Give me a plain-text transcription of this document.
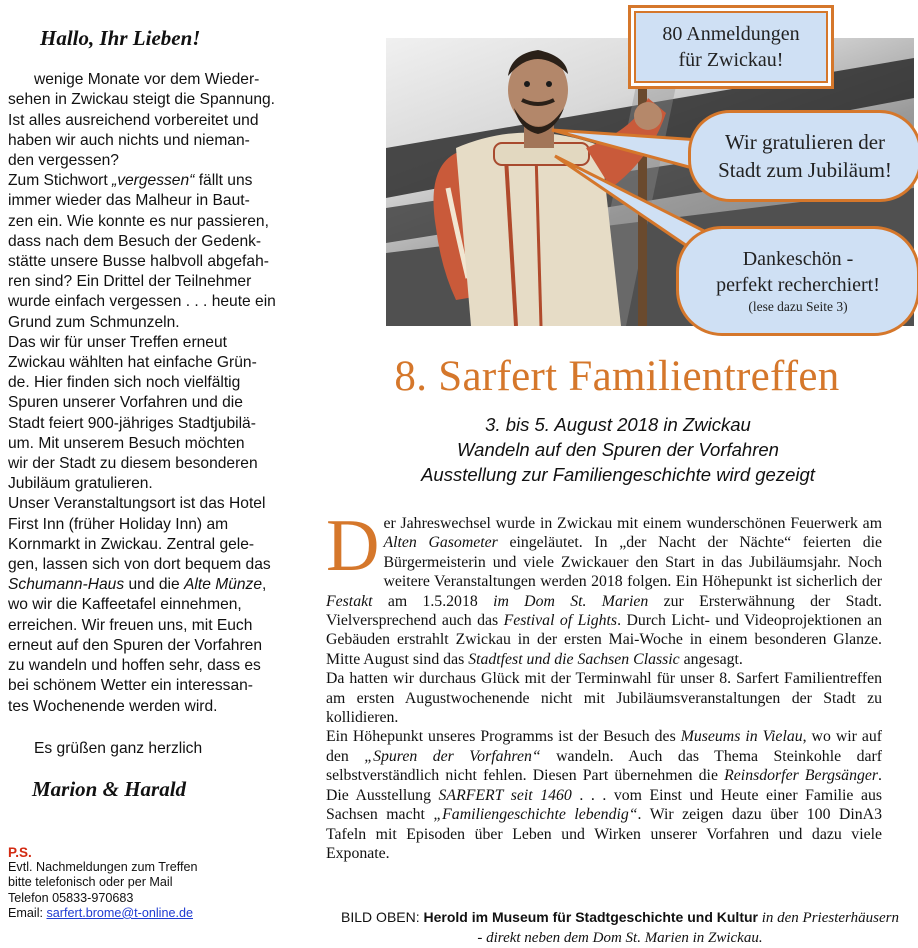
Hallo, Ihr Lieben!

wenige Monate vor dem Wieder-

sehen in Zwickau steigt die Spannung.

Ist alles ausreichend vorbereitet und

haben wir auch nichts und nieman-

den vergessen?

Zum Stichwort „vergessen“ fällt uns

immer wieder das Malheur in Baut-

zen ein. Wie konnte es nur passieren,

dass nach dem Besuch der Gedenk-

stätte unsere Busse halbvoll abgefah-

ren sind? Ein Drittel der Teilnehmer

wurde einfach vergessen . . . heute ein

Grund zum Schmunzeln.

Das wir für unser Treffen erneut

Zwickau wählten hat einfache Grün-

de. Hier finden sich noch vielfältig

Spuren unserer Vorfahren und die

Stadt feiert 900-jähriges Stadtjubilä-

um. Mit unserem Besuch möchten

wir der Stadt zu diesem besonderen

Jubiläum gratulieren.

Unser Veranstaltungsort ist das Hotel

First Inn (früher Holiday Inn) am

Kornmarkt in Zwickau. Zentral gele-

gen, lassen sich von dort bequem das

Schumann-Haus und die Alte Münze,

wo wir die Kaffeetafel einnehmen,

erreichen. Wir freuen uns, mit Euch

erneut auf den Spuren der Vorfahren

zu wandeln und hoffen sehr, dass es

bei schönem Wetter ein interessan-

tes Wochenende werden wird.

Es grüßen ganz herzlich

Marion & Harald
P.S.
Evtl. Nachmeldungen zum Treffen
bitte telefonisch oder per Mail
Telefon 05833-970683
Email: sarfert.brome@t-online.de
80 Anmeldungen
für Zwickau!
Wir gratulieren der
Stadt zum Jubiläum!
Dankeschön -
perfekt recherchiert!
(lese dazu Seite 3)
8. Sarfert Familientreffen
3. bis 5. August 2018 in Zwickau
Wandeln auf den Spuren der Vorfahren
Ausstellung zur Familiengeschichte wird gezeigt
D er Jahreswechsel wurde in Zwickau mit einem wunderschönen Feuerwerk am Alten Gasometer eingeläutet. In „der Nacht der Nächte“ feierten die Bürgermeisterin und viele Zwickauer den Start in das Jubiläumsjahr. Noch weitere Veranstaltungen werden 2018 folgen. Ein Höhepunkt ist sicherlich der Festakt am 1.5.2018 im Dom St. Marien zur Ersterwähnung der Stadt. Vielversprechend auch das Festival of Lights. Durch Licht- und Videoprojektionen an Gebäuden erstrahlt Zwickau in der ersten Mai-Woche in einem besonderen Glanze. Mitte August sind das Stadtfest und die Sachsen Classic angesagt.

Da hatten wir durchaus Glück mit der Terminwahl für unser 8. Sarfert Familientreffen am ersten Augustwochenende nicht mit Jubiläumsveranstaltungen der Stadt zu kollidieren.

Ein Höhepunkt unseres Programms ist der Besuch des Museums in Vielau, wo wir auf den „Spuren der Vorfahren“ wandeln. Auch das Thema Steinkohle darf selbstverständlich nicht fehlen. Diesen Part übernehmen die Reinsdorfer Bergsänger. Die Ausstellung SARFERT seit 1460 . . . vom Einst und Heute einer Familie aus Sachsen macht „Familiengeschichte lebendig“. Wir zeigen dazu über 100 DinA3 Tafeln mit Episoden über Leben und Wirken unserer Vorfahren und dazu viele Exponate.

BILD OBEN: Herold im Museum für Stadtgeschichte und Kultur in den Priesterhäusern - direkt neben dem Dom St. Marien in Zwickau.
